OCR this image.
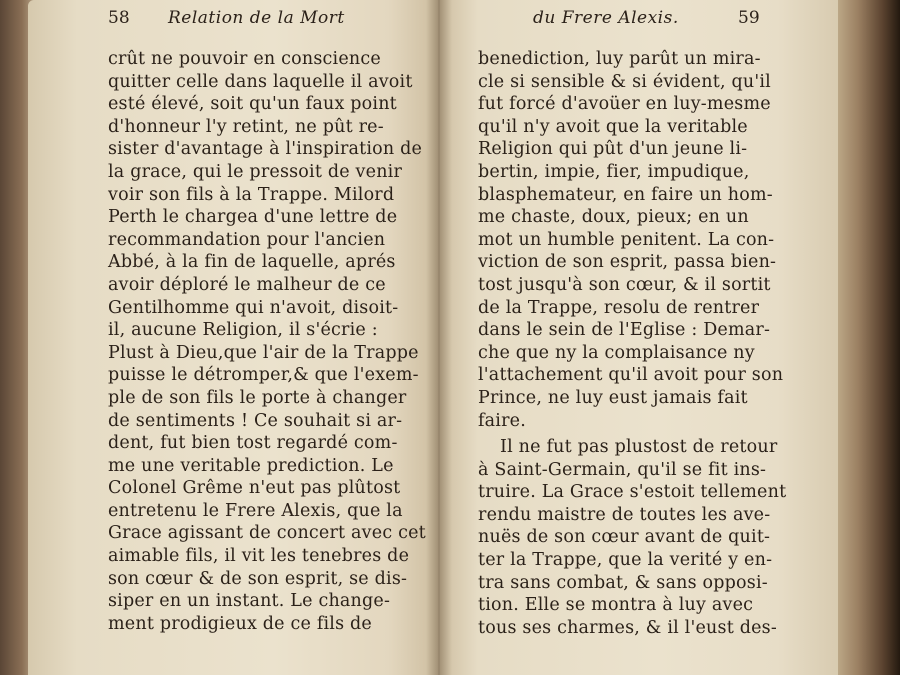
58 Relation de la Mort
crût ne pouvoir en conscience
quitter celle dans laquelle il avoit
esté élevé, soit qu'un faux point
d'honneur l'y retint, ne pût re-
sister d'avantage à l'inspiration de
la grace, qui le pressoit de venir
voir son fils à la Trappe. Milord
Perth le chargea d'une lettre de
recommandation pour l'ancien
Abbé, à la fin de laquelle, aprés
avoir déploré le malheur de ce
Gentilhomme qui n'avoit, disoit-
il, aucune Religion, il s'écrie :
Plust à Dieu,que l'air de la Trappe
puisse le détromper,& que l'exem-
ple de son fils le porte à changer
de sentiments ! Ce souhait si ar-
dent, fut bien tost regardé com-
me une veritable prediction. Le
Colonel Grême n'eut pas plûtost
entretenu le Frere Alexis, que la
Grace agissant de concert avec cet
aimable fils, il vit les tenebres de
son cœur & de son esprit, se dis-
siper en un instant. Le change-
ment prodigieux de ce fils de
du Frere Alexis.	59
benediction, luy parût un mira-
cle si sensible & si évident, qu'il
fut forcé d'avoüer en luy-mesme
qu'il n'y avoit que la veritable
Religion qui pût d'un jeune li-
bertin, impie, fier, impudique,
blasphemateur, en faire un hom-
me chaste, doux, pieux; en un
mot un humble penitent. La con-
viction de son esprit, passa bien-
tost jusqu'à son cœur, & il sortit
de la Trappe, resolu de rentrer
dans le sein de l'Eglise : Demar-
che que ny la complaisance ny
l'attachement qu'il avoit pour son
Prince, ne luy eust jamais fait
faire.
Il ne fut pas plustost de retour
à Saint-Germain, qu'il se fit ins-
truire. La Grace s'estoit tellement
rendu maistre de toutes les ave-
nuës de son cœur avant de quit-
ter la Trappe, que la verité y en-
tra sans combat, & sans opposi-
tion. Elle se montra à luy avec
tous ses charmes, & il l'eust des-
